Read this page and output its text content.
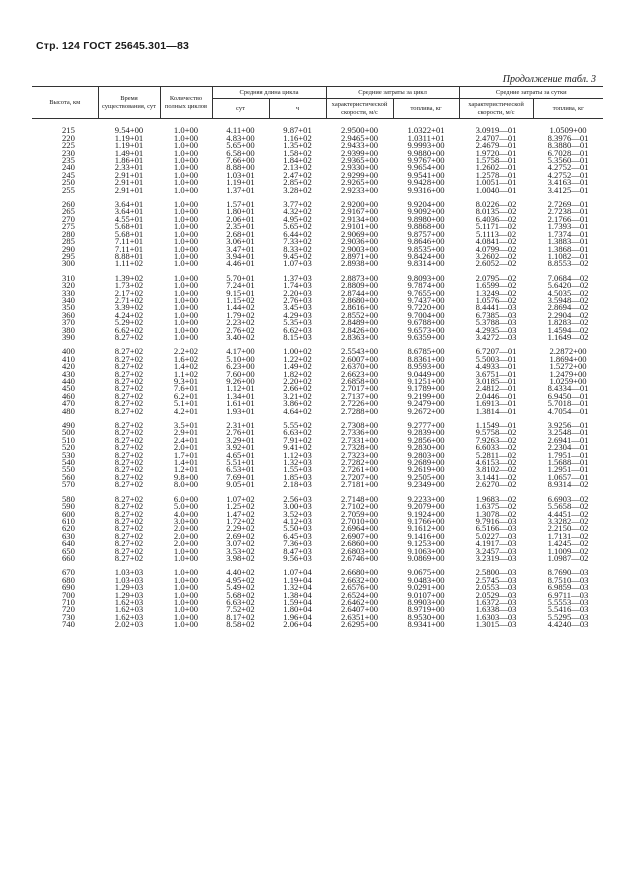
Стр. 124 ГОСТ 25645.301—83
Продолжение табл. 3
Высота, км	Время существования, сут	Количество полных циклов	Средняя длина цикла		Средние затраты за цикл		Средние затраты за сутки	
			сут	ч	характеристической скорости, м/с	топлива, кг	характеристической скорости, м/с	топлива, кг
215	9.54+00	1.0+00	4.11+00	9.87+01	2.9500+00	1.0322+01	3.0919—01	1.0509+00
220	1.19+01	1.0+00	4.83+00	1.16+02	2.9465+00	1.0311+01	2.4707—01	8.3976—01
225	1.19+01	1.0+00	5.65+00	1.35+02	2.9433+00	9.9993+00	2.4679—01	8.3880—01
230	1.49+01	1.0+00	6.58+00	1.58+02	2.9399+00	9.9880+00	1.9720—01	6.7028—01
235	1.86+01	1.0+00	7.66+00	1.84+02	2.9365+00	9.9767+00	1.5758—01	5.3560—01
240	2.33+01	1.0+00	8.88+00	2.13+02	2.9330+00	9.9654+00	1.2602—01	4.2752—01
245	2.91+01	1.0+00	1.03+01	2.47+02	2.9299+00	9.9541+00	1.2578—01	4.2752—01
250	2.91+01	1.0+00	1.19+01	2.85+02	2.9265+00	9.9428+00	1.0051—01	3.4163—01
255	2.91+01	1.0+00	1.37+01	3.28+02	2.9233+00	9.9316+00	1.0040—01	3.4125—01

260	3.64+01	1.0+00	1.57+01	3.77+02	2.9200+00	9.9204+00	8.0226—02	2.7269—01
265	3.64+01	1.0+00	1.80+01	4.32+02	2.9167+00	9.9092+00	8.0135—02	2.7238—01
270	4.55+01	1.0+00	2.06+01	4.95+02	2.9134+00	9.8980+00	6.4036—02	2.1766—01
275	5.68+01	1.0+00	2.35+01	5.65+02	2.9101+00	9.8868+00	5.1171—02	1.7393—01
280	5.68+01	1.0+00	2.68+01	6.44+02	2.9069+00	9.8757+00	5.1113—02	1.7374—01
285	7.11+01	1.0+00	3.06+01	7.33+02	2.9036+00	9.8646+00	4.0841—02	1.3883—01
290	7.11+01	1.0+00	3.47+01	8.33+02	2.9003+00	9.8535+00	4.0799—02	1.3868—01
295	8.88+01	1.0+00	3.94+01	9.45+02	2.8971+00	9.8424+00	3.2602—02	1.1082—01
300	1.11+02	1.0+00	4.46+01	1.07+03	2.8938+00	9.8314+00	2.6052—02	8.8553—02

310	1.39+02	1.0+00	5.70+01	1.37+03	2.8873+00	9.8093+00	2.0795—02	7.0684—02
320	1.73+02	1.0+00	7.24+01	1.74+03	2.8809+00	9.7874+00	1.6599—02	5.6420—02
330	2.17+02	1.0+00	9.15+01	2.20+03	2.8744+00	9.7655+00	1.3249—02	4.5035—02
340	2.71+02	1.0+00	1.15+02	2.76+03	2.8680+00	9.7437+00	1.0576—02	3.5948—02
350	3.39+02	1.0+00	1.44+02	3.45+03	2.8616+00	9.7220+00	8.4441—03	2.8694—02
360	4.24+02	1.0+00	1.79+02	4.29+03	2.8552+00	9.7004+00	6.7385—03	2.2904—02
370	5.29+02	1.0+00	2.23+02	5.35+03	2.8489+00	9.6788+00	5.3788—03	1.8283—02
380	6.62+02	1.0+00	2.76+02	6.62+03	2.8426+00	9.6573+00	4.2935—03	1.4594—02
390	8.27+02	1.0+00	3.40+02	8.15+03	2.8363+00	9.6359+00	3.4272—03	1.1649—02

400	8.27+02	2.2+02	4.17+00	1.00+02	2.5543+00	8.6785+00	6.7207—01	2.2872+00
410	8.27+02	1.6+02	5.10+00	1.22+02	2.6007+00	8.8361+00	5.5003—01	1.8694+00
420	8.27+02	1.4+02	6.23+00	1.49+02	2.6370+00	8.9593+00	4.4933—01	1.5272+00
430	8.27+02	1.1+02	7.60+00	1.82+02	2.6623+00	9.0449+00	3.6751—01	1.2479+00
440	8.27+02	9.3+01	9.26+00	2.20+02	2.6858+00	9.1251+00	3.0185—01	1.0259+00
450	8.27+02	7.6+01	1.12+01	2.66+02	2.7017+00	9.1789+00	2.4812—01	8.4334—01
460	8.27+02	6.2+01	1.34+01	3.21+02	2.7137+00	9.2199+00	2.0446—01	6.9450—01
470	8.27+02	5.1+01	1.61+01	3.86+02	2.7226+00	9.2479+00	1.6913—01	5.7018—01
480	8.27+02	4.2+01	1.93+01	4.64+02	2.7288+00	9.2672+00	1.3814—01	4.7054—01

490	8.27+02	3.5+01	2.31+01	5.55+02	2.7308+00	9.2777+00	1.1549—01	3.9256—01
500	8.27+02	2.9+01	2.76+01	6.63+02	2.7336+00	9.2839+00	9.5758—02	3.2548—01
510	8.27+02	2.4+01	3.29+01	7.91+02	2.7331+00	9.2856+00	7.9263—02	2.6941—01
520	8.27+02	2.0+01	3.92+01	9.41+02	2.7328+00	9.2830+00	6.6033—02	2.2304—01
530	8.27+02	1.7+01	4.65+01	1.12+03	2.7323+00	9.2803+00	5.2811—02	1.7951—01
540	8.27+02	1.4+01	5.51+01	1.32+03	2.7282+00	9.2689+00	4.6153—02	1.5688—01
550	8.27+02	1.2+01	6.53+01	1.55+03	2.7261+00	9.2619+00	3.8102—02	1.2951—01
560	8.27+02	9.8+00	7.69+01	1.85+03	2.7207+00	9.2505+00	3.1441—02	1.0657—01
570	8.27+02	8.0+00	9.05+01	2.18+03	2.7181+00	9.2349+00	2.6270—02	8.9314—02

580	8.27+02	6.0+00	1.07+02	2.56+03	2.7148+00	9.2233+00	1.9683—02	6.6903—02
590	8.27+02	5.0+00	1.25+02	3.00+03	2.7102+00	9.2079+00	1.6375—02	5.5658—02
600	8.27+02	4.0+00	1.47+02	3.52+03	2.7059+00	9.1924+00	1.3078—02	4.4451—02
610	8.27+02	3.0+00	1.72+02	4.12+03	2.7010+00	9.1766+00	9.7916—03	3.3282—02
620	8.27+02	2.0+00	2.29+02	5.50+03	2.6964+00	9.1612+00	6.5166—03	2.2150—02
630	8.27+02	2.0+00	2.69+02	6.45+03	2.6907+00	9.1416+00	5.0227—03	1.7131—02
640	8.27+02	2.0+00	3.07+02	7.36+03	2.6860+00	9.1253+00	4.1917—03	1.4245—02
650	8.27+02	1.0+00	3.53+02	8.47+03	2.6803+00	9.1063+00	3.2457—03	1.1009—02
660	8.27+02	1.0+00	3.98+02	9.56+03	2.6746+00	9.0869+00	3.2319—03	1.0987—02

670	1.03+03	1.0+00	4.40+02	1.07+04	2.6680+00	9.0675+00	2.5800—03	8.7690—03
680	1.03+03	1.0+00	4.95+02	1.19+04	2.6632+00	9.0483+00	2.5745—03	8.7510—03
690	1.29+03	1.0+00	5.49+02	1.32+04	2.6576+00	9.0291+00	2.0553—03	6.9859—03
700	1.29+03	1.0+00	5.68+02	1.38+04	2.6524+00	9.0107+00	2.0529—03	6.9711—03
710	1.62+03	1.0+00	6.63+02	1.59+04	2.6462+00	8.9903+00	1.6372—03	5.5553—03
720	1.62+03	1.0+00	7.52+02	1.80+04	2.6407+00	8.9719+00	1.6338—03	5.5416—03
730	1.62+03	1.0+00	8.17+02	1.96+04	2.6351+00	8.9530+00	1.6303—03	5.5295—03
740	2.02+03	1.0+00	8.58+02	2.06+04	2.6295+00	8.9341+00	1.3015—03	4.4240—03
